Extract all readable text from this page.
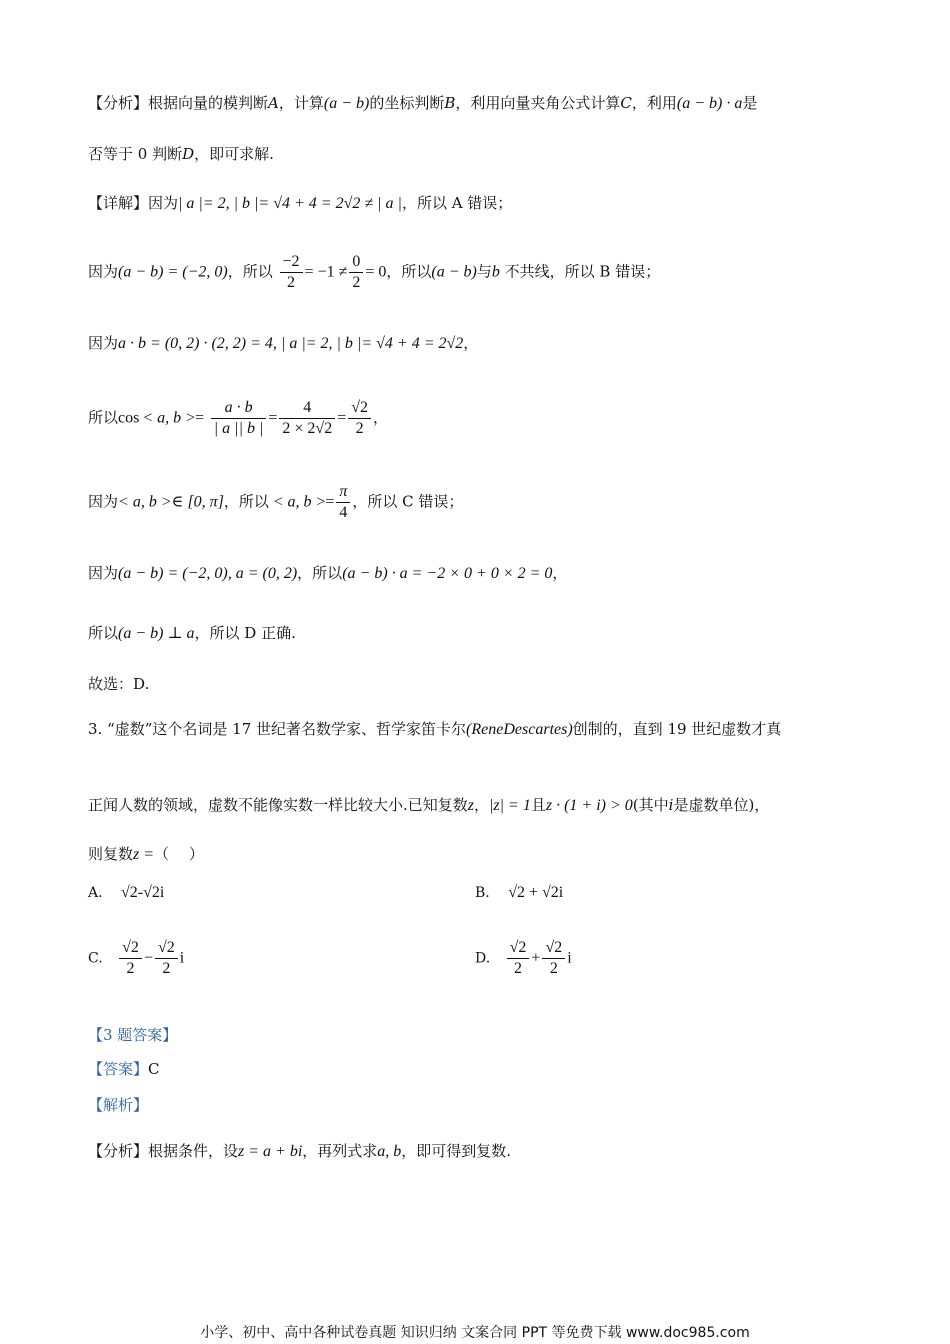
【分析】根据向量的模判断A，计算(a − b)的坐标判断B，利用向量夹角公式计算C，利用(a − b) · a是
否等于 0 判断D，即可求解.
【详解】因为| a |= 2, | b |= √4 + 4 = 2√2 ≠ | a |，所以 A 错误；
因为(a − b) = (−2, 0)，所以 $\frac{-2}{2} = -1 \ne \frac{0}{2} = 0$，所以(a − b)与b 不共线，所以 B 错误；
因为a · b = (0, 2) · (2, 2) = 4, | a |= 2, | b |= √4 + 4 = 2√2，
所以cos < a, $b >= \frac{a \cdot b}{| a || b |} = \frac{4}{2 \times 2√2} = \frac{√2}{2}$ ，
因为< a, b >∈ [0, π]，所以 < a, $b >= \frac{\pi}{4}$ ，所以 C 错误；
因为(a − b) = (−2, 0), a = (0, 2)，所以(a − b) · a = −2 × 0 + 0 × 2 = 0，
所以(a − b) ⊥ a，所以 D 正确.
故选：D.
3. “虚数”这个名词是 17 世纪著名数学家、哲学家笛卡尔(ReneDescartes)创制的，直到 19 世纪虚数才真
正闻人数的领域，虚数不能像实数一样比较大小.已知复数z，|z| = 1且z · (1 + i) > 0(其中i是虚数单位)，
则复数z =（　 ）
A. √2-√2i	B. √2 + √2i
C. $\frac{√2}{2} - \frac{√2}{2}$ i	D. $\frac{√2}{2} + \frac{√2}{2}$ i
【3 题答案】
【答案】C
【解析】
【分析】根据条件，设z = a + bi，再列式求a, b，即可得到复数.
小学、初中、高中各种试卷真题 知识归纳 文案合同 PPT 等免费下载 www.doc985.com
